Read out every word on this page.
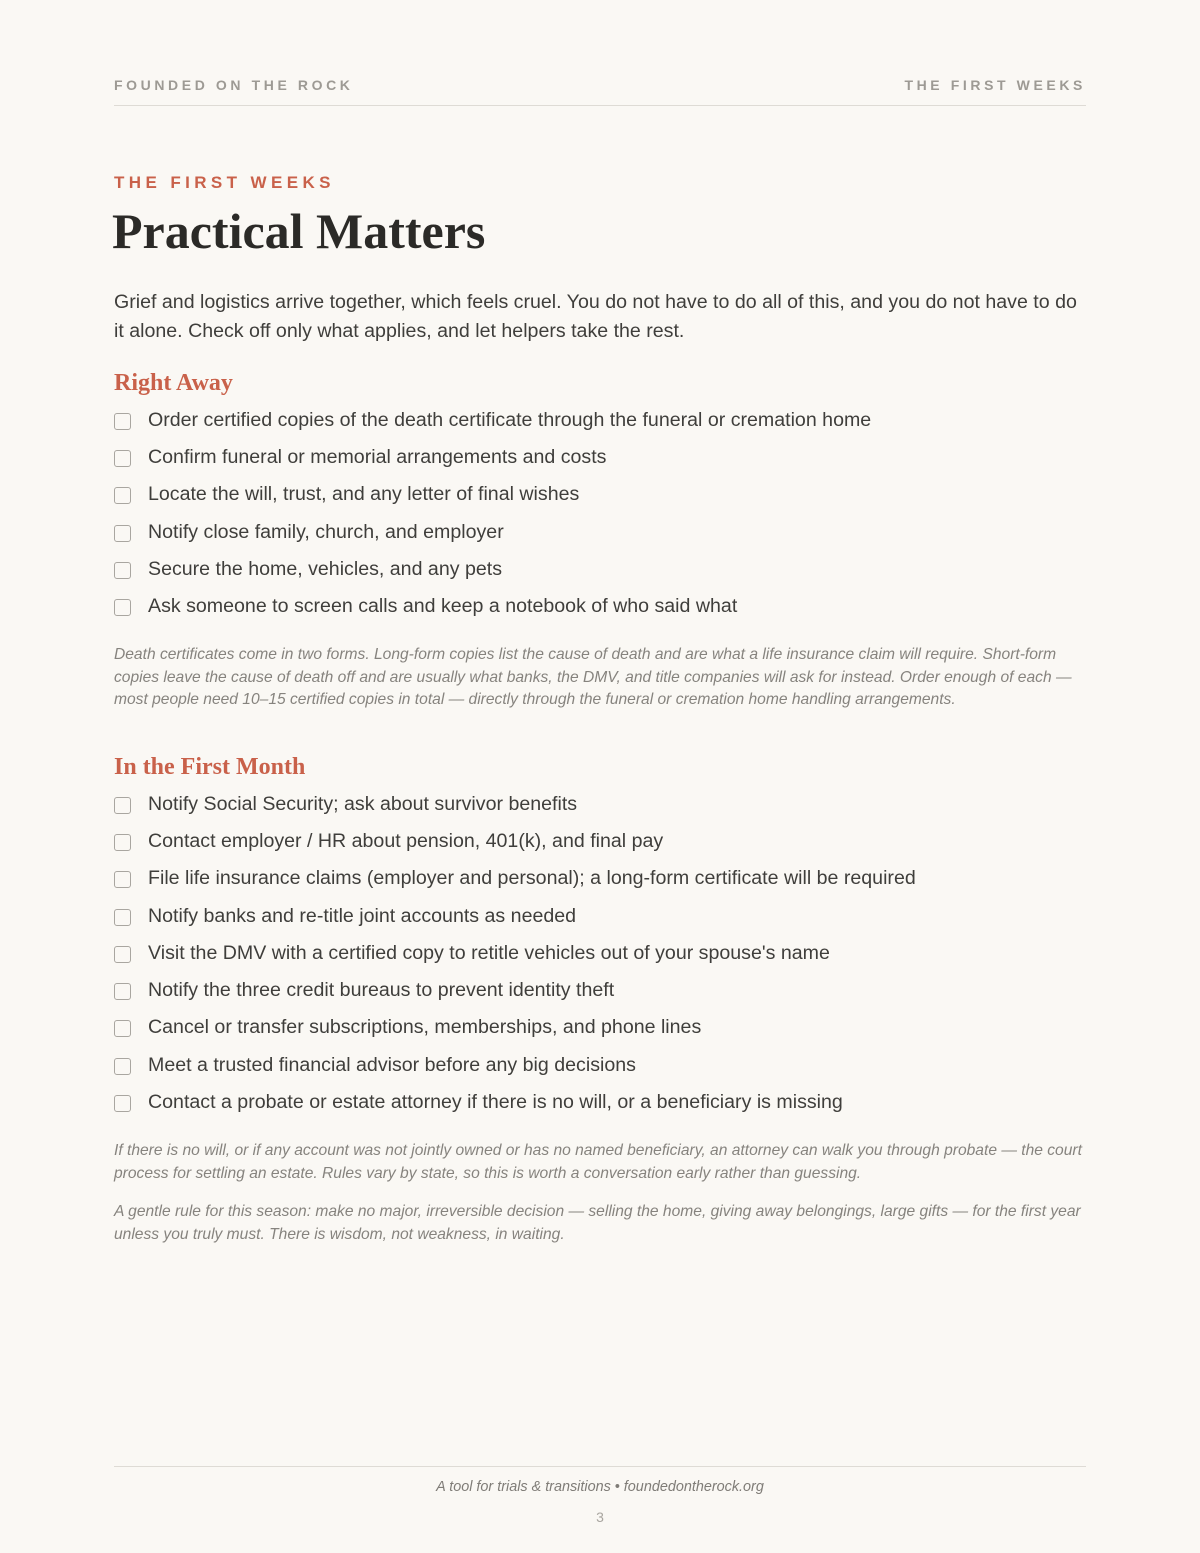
FOUNDED ON THE ROCK	THE FIRST WEEKS
THE FIRST WEEKS
Practical Matters

Grief and logistics arrive together, which feels cruel. You do not have to do all of this, and you do not have to do it alone. Check off only what applies, and let helpers take the rest.

Right Away
Order certified copies of the death certificate through the funeral or cremation home
Confirm funeral or memorial arrangements and costs
Locate the will, trust, and any letter of final wishes
Notify close family, church, and employer
Secure the home, vehicles, and any pets
Ask someone to screen calls and keep a notebook of who said what

Death certificates come in two forms. Long-form copies list the cause of death and are what a life insurance claim will require. Short-form copies leave the cause of death off and are usually what banks, the DMV, and title companies will ask for instead. Order enough of each — most people need 10–15 certified copies in total — directly through the funeral or cremation home handling arrangements.

In the First Month
Notify Social Security; ask about survivor benefits
Contact employer / HR about pension, 401(k), and final pay
File life insurance claims (employer and personal); a long-form certificate will be required
Notify banks and re-title joint accounts as needed
Visit the DMV with a certified copy to retitle vehicles out of your spouse's name
Notify the three credit bureaus to prevent identity theft
Cancel or transfer subscriptions, memberships, and phone lines
Meet a trusted financial advisor before any big decisions
Contact a probate or estate attorney if there is no will, or a beneficiary is missing

If there is no will, or if any account was not jointly owned or has no named beneficiary, an attorney can walk you through probate — the court process for settling an estate. Rules vary by state, so this is worth a conversation early rather than guessing.

A gentle rule for this season: make no major, irreversible decision — selling the home, giving away belongings, large gifts — for the first year unless you truly must. There is wisdom, not weakness, in waiting.

A tool for trials & transitions • foundedontherock.org
3
